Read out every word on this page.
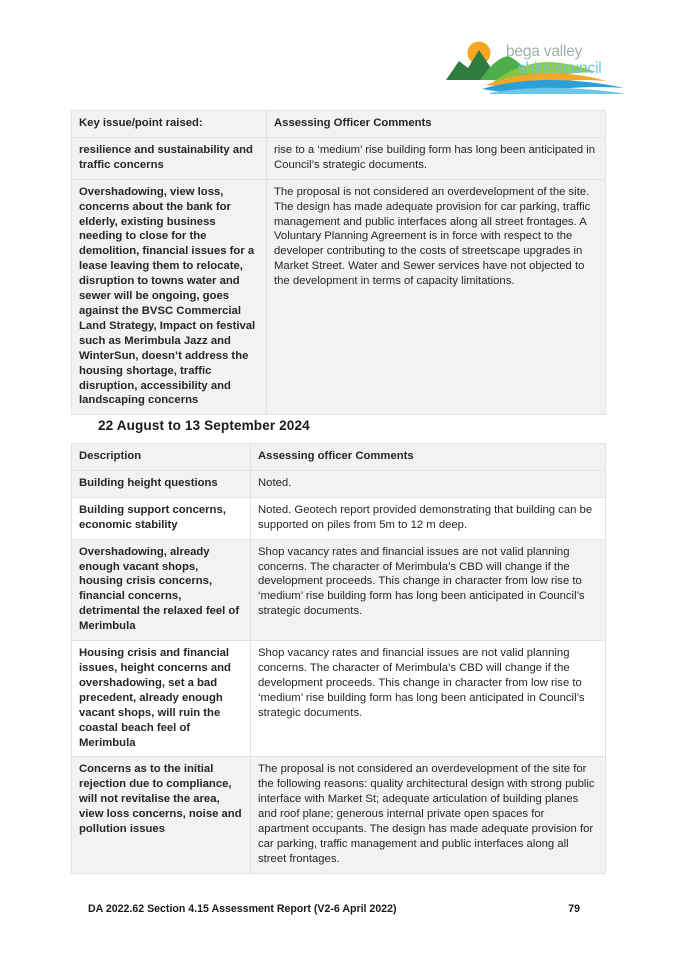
bega valley
shire council
Key issue/point raised:	Assessing Officer Comments
resilience and sustainability and traffic concerns	rise to a ‘medium’ rise building form has long been anticipated in Council’s strategic documents.
Overshadowing, view loss, concerns about the bank for elderly, existing business needing to close for the demolition, financial issues for a lease leaving them to relocate, disruption to towns water and sewer will be ongoing, goes against the BVSC Commercial Land Strategy, Impact on festival such as Merimbula Jazz and WinterSun, doesn’t address the housing shortage, traffic disruption, accessibility and landscaping concerns	The proposal is not considered an overdevelopment of the site. The design has made adequate provision for car parking, traffic management and public interfaces along all street frontages. A Voluntary Planning Agreement is in force with respect to the developer contributing to the costs of streetscape upgrades in Market Street. Water and Sewer services have not objected to the development in terms of capacity limitations.
22 August to 13 September 2024
Description	Assessing officer Comments
Building height questions	Noted.
Building support concerns, economic stability	Noted. Geotech report provided demonstrating that building can be supported on piles from 5m to 12 m deep.
Overshadowing, already enough vacant shops, housing crisis concerns, financial concerns, detrimental the relaxed feel of Merimbula	Shop vacancy rates and financial issues are not valid planning concerns. The character of Merimbula’s CBD will change if the development proceeds. This change in character from low rise to ‘medium’ rise building form has long been anticipated in Council’s strategic documents.
Housing crisis and financial issues, height concerns and overshadowing, set a bad precedent, already enough vacant shops, will ruin the coastal beach feel of Merimbula	Shop vacancy rates and financial issues are not valid planning concerns. The character of Merimbula’s CBD will change if the development proceeds. This change in character from low rise to ‘medium’ rise building form has long been anticipated in Council’s strategic documents.
Concerns as to the initial rejection due to compliance, will not revitalise the area, view loss concerns, noise and pollution issues	The proposal is not considered an overdevelopment of the site for the following reasons: quality architectural design with strong public interface with Market St; adequate articulation of building planes and roof plane; generous internal private open spaces for apartment occupants. The design has made adequate provision for car parking, traffic management and public interfaces along all street frontages.
DA 2022.62 Section 4.15 Assessment Report (V2-6 April 2022)	79
